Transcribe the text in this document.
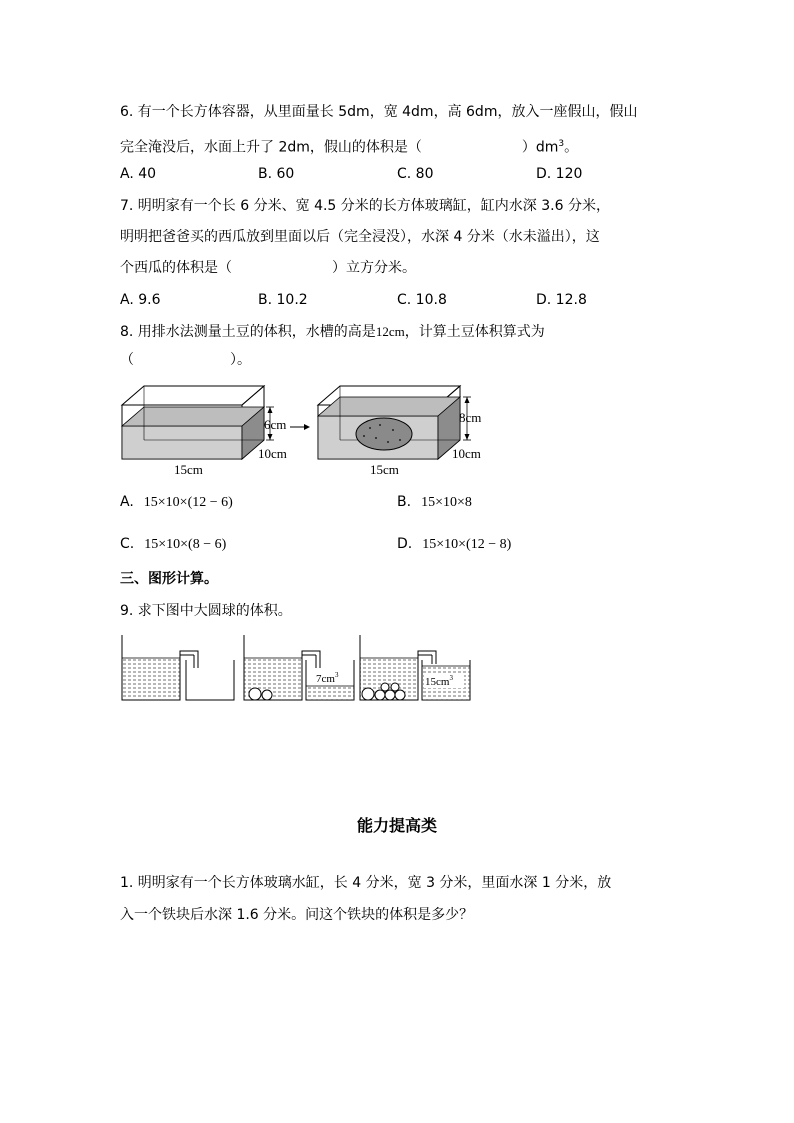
6. 有一个长方体容器，从里面量长 5dm，宽 4dm，高 6dm，放入一座假山，假山
完全淹没后，水面上升了 2dm，假山的体积是（	）$dm^3$。
A. 40	B. 60	C. 80	D. 120
7. 明明家有一个长 6 分米、宽 4.5 分米的长方体玻璃缸，缸内水深 3.6 分米，
明明把爸爸买的西瓜放到里面以后（完全浸没），水深 4 分米（水未溢出），这
个西瓜的体积是（	）立方分米。
A. 9.6	B. 10.2	C. 10.8	D. 12.8
8. 用排水法测量土豆的体积，水槽的高是12cm，计算土豆体积算式为
（	）。
6cm
10cm
15cm
8cm
10cm
15cm
A. 15×10×(12 − 6)	B. 15×10×8
C. 15×10×(8 − 6)	D. 15×10×(12 − 8)
三、图形计算。
9. 求下图中大圆球的体积。
$7cm^3$
$15cm^3$
能力提高类
1. 明明家有一个长方体玻璃水缸，长 4 分米，宽 3 分米，里面水深 1 分米，放
入一个铁块后水深 1.6 分米。问这个铁块的体积是多少？
